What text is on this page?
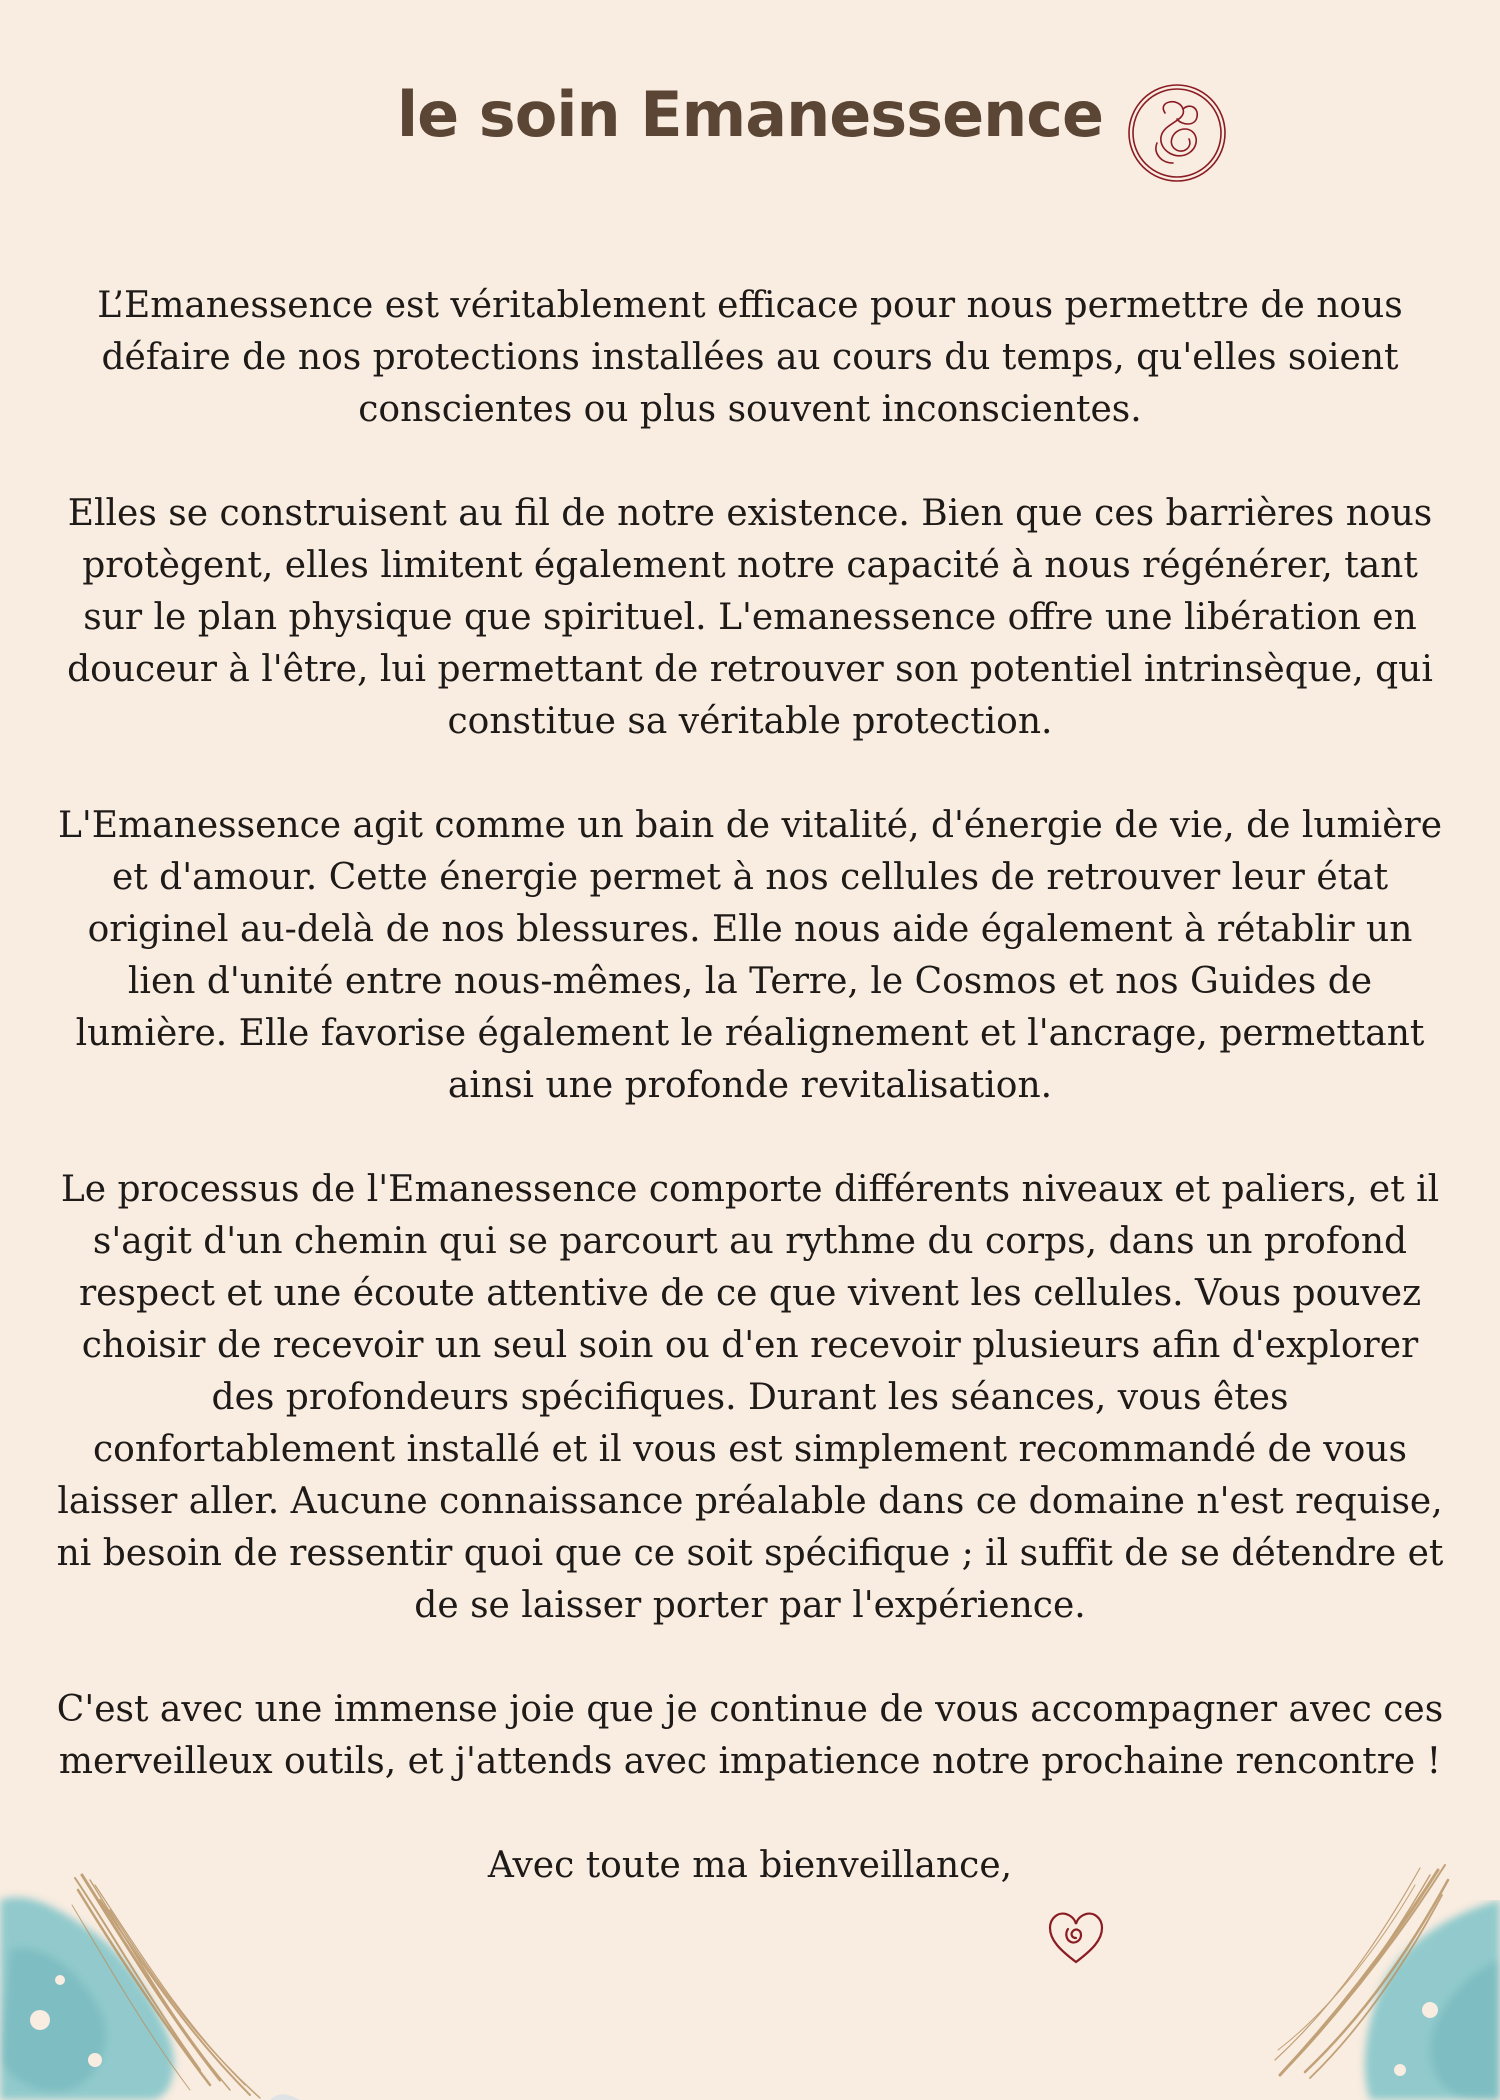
le soin Emanessence

L’Emanessence est véritablement efficace pour nous permettre de nous défaire de nos protections installées au cours du temps, qu'elles soient conscientes ou plus souvent inconscientes.

Elles se construisent au fil de notre existence. Bien que ces barrières nous protègent, elles limitent également notre capacité à nous régénérer, tant sur le plan physique que spirituel. L'emanessence offre une libération en douceur à l'être, lui permettant de retrouver son potentiel intrinsèque, qui constitue sa véritable protection.

L'Emanessence agit comme un bain de vitalité, d'énergie de vie, de lumière et d'amour. Cette énergie permet à nos cellules de retrouver leur état originel au-delà de nos blessures. Elle nous aide également à rétablir un lien d'unité entre nous-mêmes, la Terre, le Cosmos et nos Guides de lumière. Elle favorise également le réalignement et l'ancrage, permettant ainsi une profonde revitalisation.

Le processus de l'Emanessence comporte différents niveaux et paliers, et il s'agit d'un chemin qui se parcourt au rythme du corps, dans un profond respect et une écoute attentive de ce que vivent les cellules. Vous pouvez choisir de recevoir un seul soin ou d'en recevoir plusieurs afin d'explorer des profondeurs spécifiques. Durant les séances, vous êtes confortablement installé et il vous est simplement recommandé de vous laisser aller. Aucune connaissance préalable dans ce domaine n'est requise, ni besoin de ressentir quoi que ce soit spécifique ; il suffit de se détendre et de se laisser porter par l'expérience.

C'est avec une immense joie que je continue de vous accompagner avec ces merveilleux outils, et j'attends avec impatience notre prochaine rencontre !

Avec toute ma bienveillance,
